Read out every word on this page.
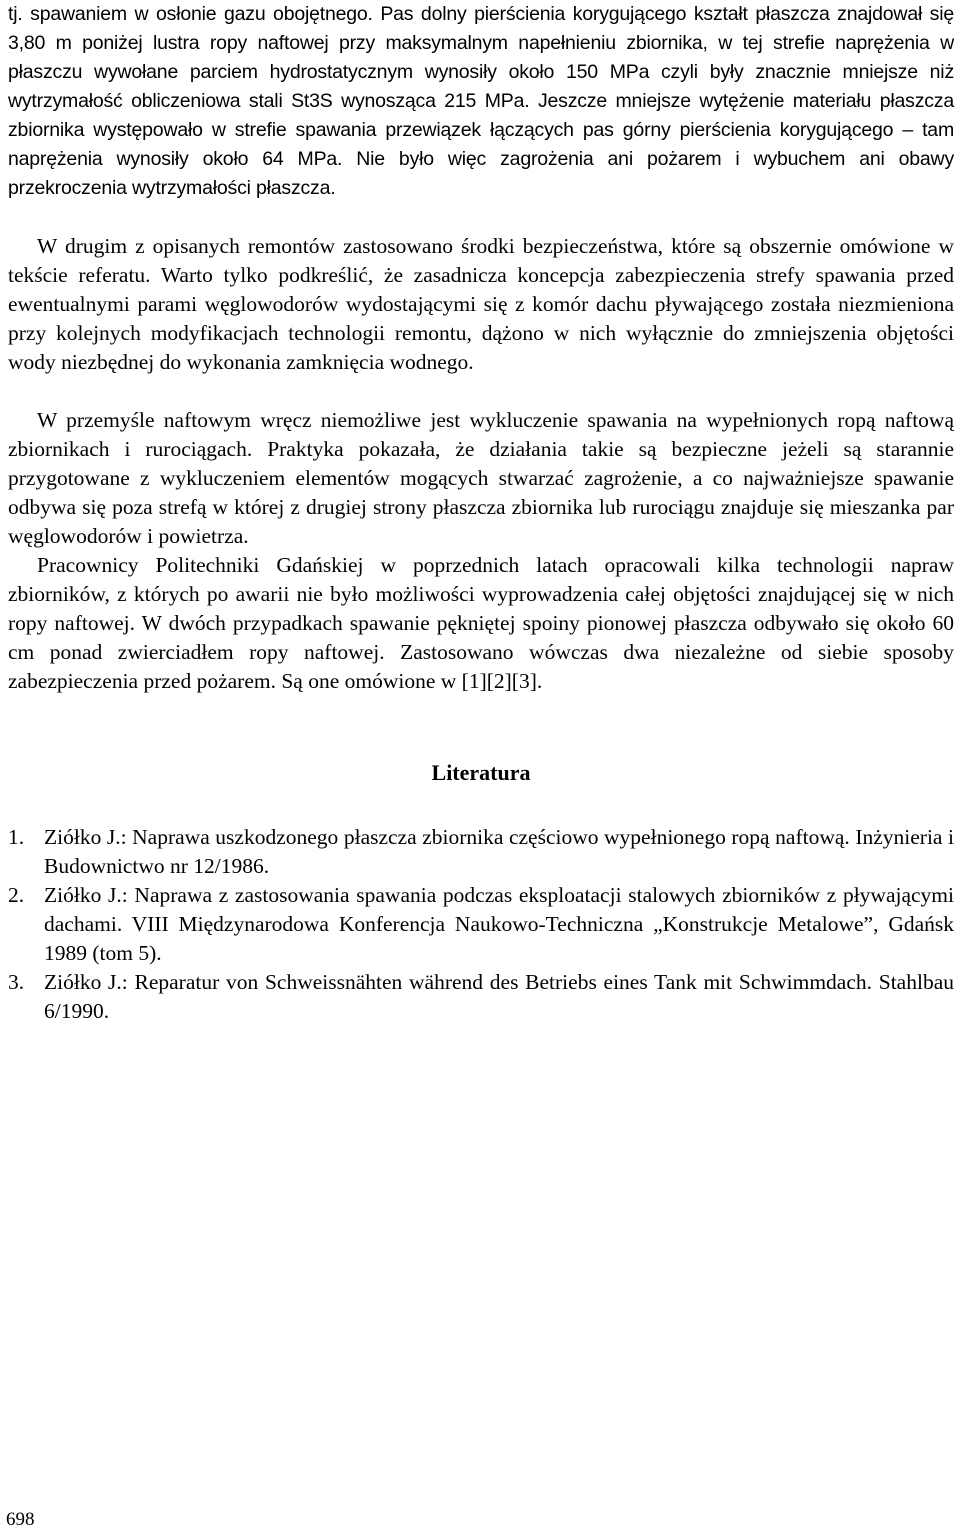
tj. spawaniem w osłonie gazu obojętnego. Pas dolny pierścienia korygującego kształt płaszcza znajdował się 3,80 m poniżej lustra ropy naftowej przy maksymalnym napełnieniu zbiornika, w tej strefie naprężenia w płaszczu wywołane parciem hydrostatycznym wynosiły około 150 MPa czyli były znacznie mniejsze niż wytrzymałość obliczeniowa stali St3S wynosząca 215 MPa. Jeszcze mniejsze wytężenie materiału płaszcza zbiornika występowało w strefie spawania przewiązek łączących pas górny pierścienia korygującego – tam naprężenia wynosiły około 64 MPa. Nie było więc zagrożenia ani pożarem i wybuchem ani obawy przekroczenia wytrzymałości płaszcza.

W drugim z opisanych remontów zastosowano środki bezpieczeństwa, które są obszernie omówione w tekście referatu. Warto tylko podkreślić, że zasadnicza koncepcja zabezpieczenia strefy spawania przed ewentualnymi parami węglowodorów wydostającymi się z komór dachu pływającego została niezmieniona przy kolejnych modyfikacjach technologii remontu, dążono w nich wyłącznie do zmniejszenia objętości wody niezbędnej do wykonania zamknięcia wodnego.

W przemyśle naftowym wręcz niemożliwe jest wykluczenie spawania na wypełnionych ropą naftową zbiornikach i rurociągach. Praktyka pokazała, że działania takie są bezpieczne jeżeli są starannie przygotowane z wykluczeniem elementów mogących stwarzać zagrożenie, a co najważniejsze spawanie odbywa się poza strefą w której z drugiej strony płaszcza zbiornika lub rurociągu znajduje się mieszanka par węglowodorów i powietrza.

Pracownicy Politechniki Gdańskiej w poprzednich latach opracowali kilka technologii napraw zbiorników, z których po awarii nie było możliwości wyprowadzenia całej objętości znajdującej się w nich ropy naftowej. W dwóch przypadkach spawanie pękniętej spoiny pionowej płaszcza odbywało się około 60 cm ponad zwierciadłem ropy naftowej. Zastosowano wówczas dwa niezależne od siebie sposoby zabezpieczenia przed pożarem. Są one omówione w [1][2][3].

Literatura
1. Ziółko J.: Naprawa uszkodzonego płaszcza zbiornika częściowo wypełnionego ropą naftową. Inżynieria i Budownictwo nr 12/1986.
2. Ziółko J.: Naprawa z zastosowania spawania podczas eksploatacji stalowych zbiorników z pływającymi dachami. VIII Międzynarodowa Konferencja Naukowo-Techniczna „Konstrukcje Metalowe”, Gdańsk 1989 (tom 5).
3. Ziółko J.: Reparatur von Schweissnähten während des Betriebs eines Tank mit Schwimmdach. Stahlbau 6/1990.
698
